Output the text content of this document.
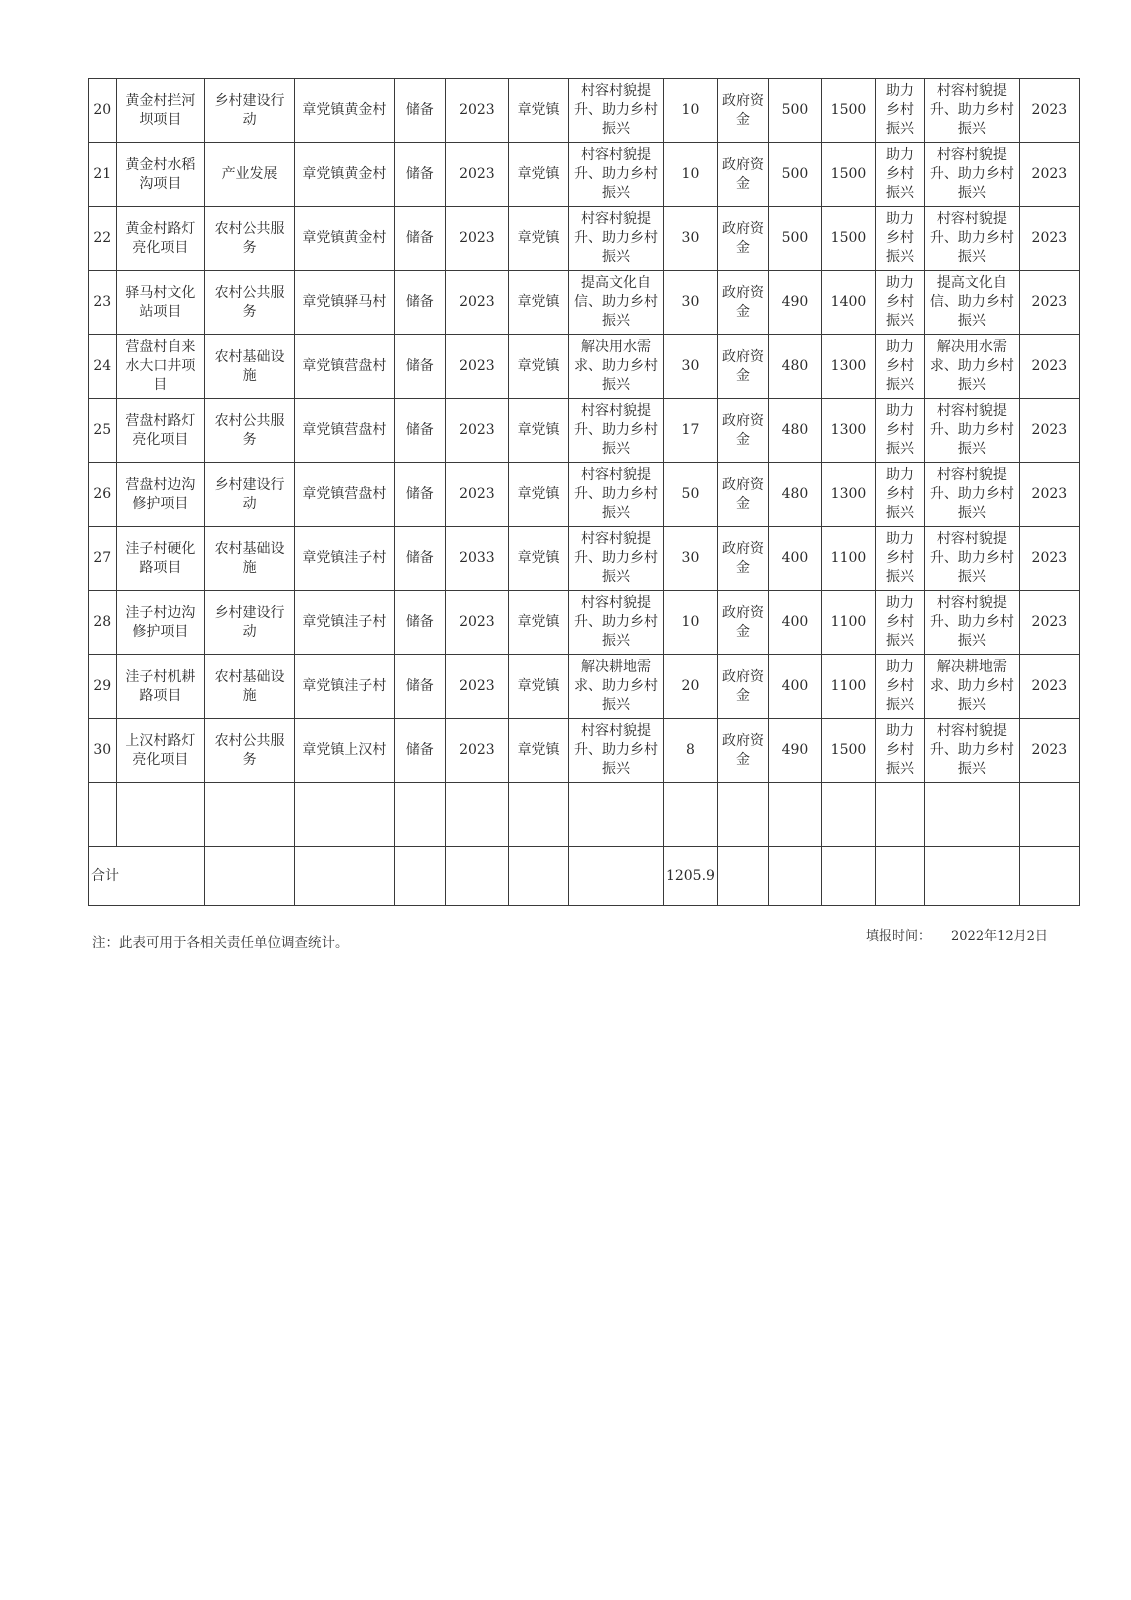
20	黄金村拦河坝项目	乡村建设行动	章党镇黄金村	储备	2023	章党镇	村容村貌提升、助力乡村振兴	10	政府资金	500	1500	助力乡村振兴	村容村貌提升、助力乡村振兴	2023
21	黄金村水稻沟项目	产业发展	章党镇黄金村	储备	2023	章党镇	村容村貌提升、助力乡村振兴	10	政府资金	500	1500	助力乡村振兴	村容村貌提升、助力乡村振兴	2023
22	黄金村路灯亮化项目	农村公共服务	章党镇黄金村	储备	2023	章党镇	村容村貌提升、助力乡村振兴	30	政府资金	500	1500	助力乡村振兴	村容村貌提升、助力乡村振兴	2023
23	驿马村文化站项目	农村公共服务	章党镇驿马村	储备	2023	章党镇	提高文化自信、助力乡村振兴	30	政府资金	490	1400	助力乡村振兴	提高文化自信、助力乡村振兴	2023
24	营盘村自来水大口井项目	农村基础设施	章党镇营盘村	储备	2023	章党镇	解决用水需求、助力乡村振兴	30	政府资金	480	1300	助力乡村振兴	解决用水需求、助力乡村振兴	2023
25	营盘村路灯亮化项目	农村公共服务	章党镇营盘村	储备	2023	章党镇	村容村貌提升、助力乡村振兴	17	政府资金	480	1300	助力乡村振兴	村容村貌提升、助力乡村振兴	2023
26	营盘村边沟修护项目	乡村建设行动	章党镇营盘村	储备	2023	章党镇	村容村貌提升、助力乡村振兴	50	政府资金	480	1300	助力乡村振兴	村容村貌提升、助力乡村振兴	2023
27	洼子村硬化路项目	农村基础设施	章党镇洼子村	储备	2033	章党镇	村容村貌提升、助力乡村振兴	30	政府资金	400	1100	助力乡村振兴	村容村貌提升、助力乡村振兴	2023
28	洼子村边沟修护项目	乡村建设行动	章党镇洼子村	储备	2023	章党镇	村容村貌提升、助力乡村振兴	10	政府资金	400	1100	助力乡村振兴	村容村貌提升、助力乡村振兴	2023
29	洼子村机耕路项目	农村基础设施	章党镇洼子村	储备	2023	章党镇	解决耕地需求、助力乡村振兴	20	政府资金	400	1100	助力乡村振兴	解决耕地需求、助力乡村振兴	2023
30	上汉村路灯亮化项目	农村公共服务	章党镇上汉村	储备	2023	章党镇	村容村貌提升、助力乡村振兴	8	政府资金	490	1500	助力乡村振兴	村容村貌提升、助力乡村振兴	2023

合计								1205.9						
注：此表可用于各相关责任单位调查统计。	填报时间： 2022年12月2日
